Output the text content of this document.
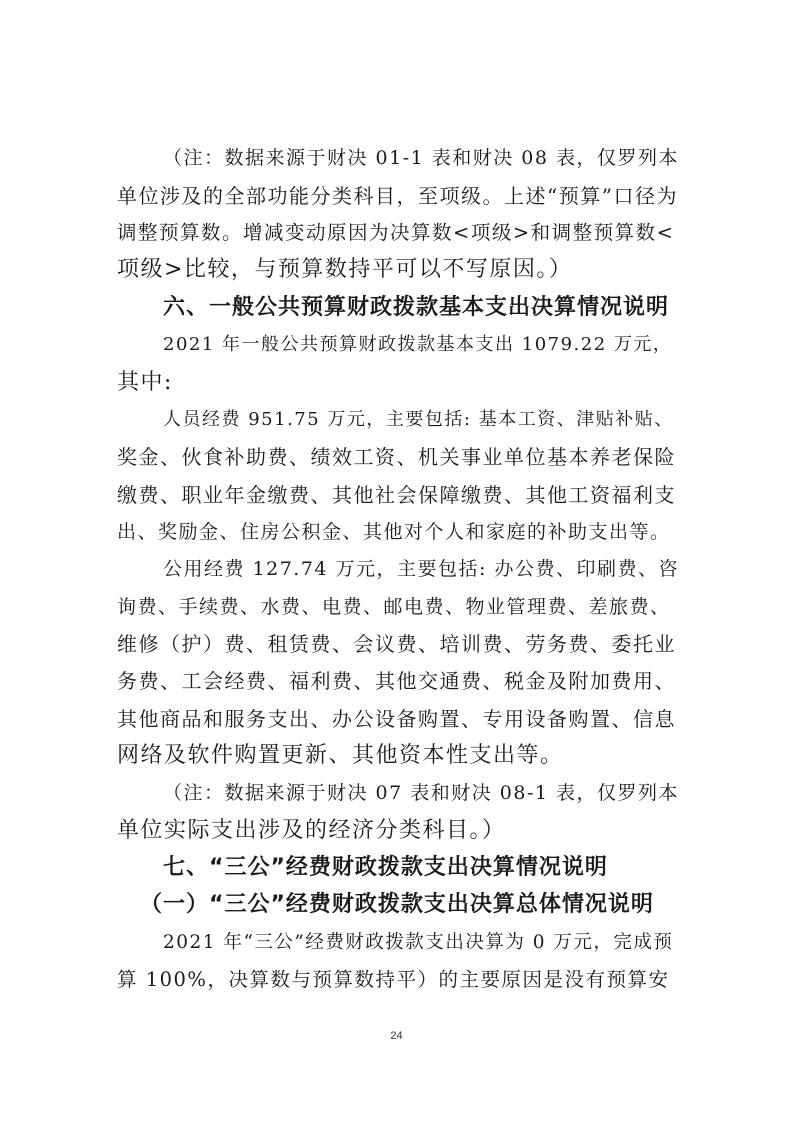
（注：数据来源于财决 01-1 表和财决 08 表，仅罗列本
单位涉及的全部功能分类科目，至项级。上述“预算”口径为
调整预算数。增减变动原因为决算数<项级>和调整预算数<
项级>比较，与预算数持平可以不写原因。）
六、一般公共预算财政拨款基本支出决算情况说明
2021 年一般公共预算财政拨款基本支出 1079.22 万元，
其中:
人员经费 951.75 万元，主要包括: 基本工资、津贴补贴、
奖金、伙食补助费、绩效工资、机关事业单位基本养老保险
缴费、职业年金缴费、其他社会保障缴费、其他工资福利支
出、奖励金、住房公积金、其他对个人和家庭的补助支出等。
公用经费 127.74 万元，主要包括: 办公费、印刷费、咨
询费、手续费、水费、电费、邮电费、物业管理费、差旅费、
维修（护）费、租赁费、会议费、培训费、劳务费、委托业
务费、工会经费、福利费、其他交通费、税金及附加费用、
其他商品和服务支出、办公设备购置、专用设备购置、信息
网络及软件购置更新、其他资本性支出等。
（注：数据来源于财决 07 表和财决 08-1 表，仅罗列本
单位实际支出涉及的经济分类科目。）
七、“三公”经费财政拨款支出决算情况说明
（一）“三公”经费财政拨款支出决算总体情况说明
2021 年“三公”经费财政拨款支出决算为 0 万元，完成预
算 100%，决算数与预算数持平）的主要原因是没有预算安
24
